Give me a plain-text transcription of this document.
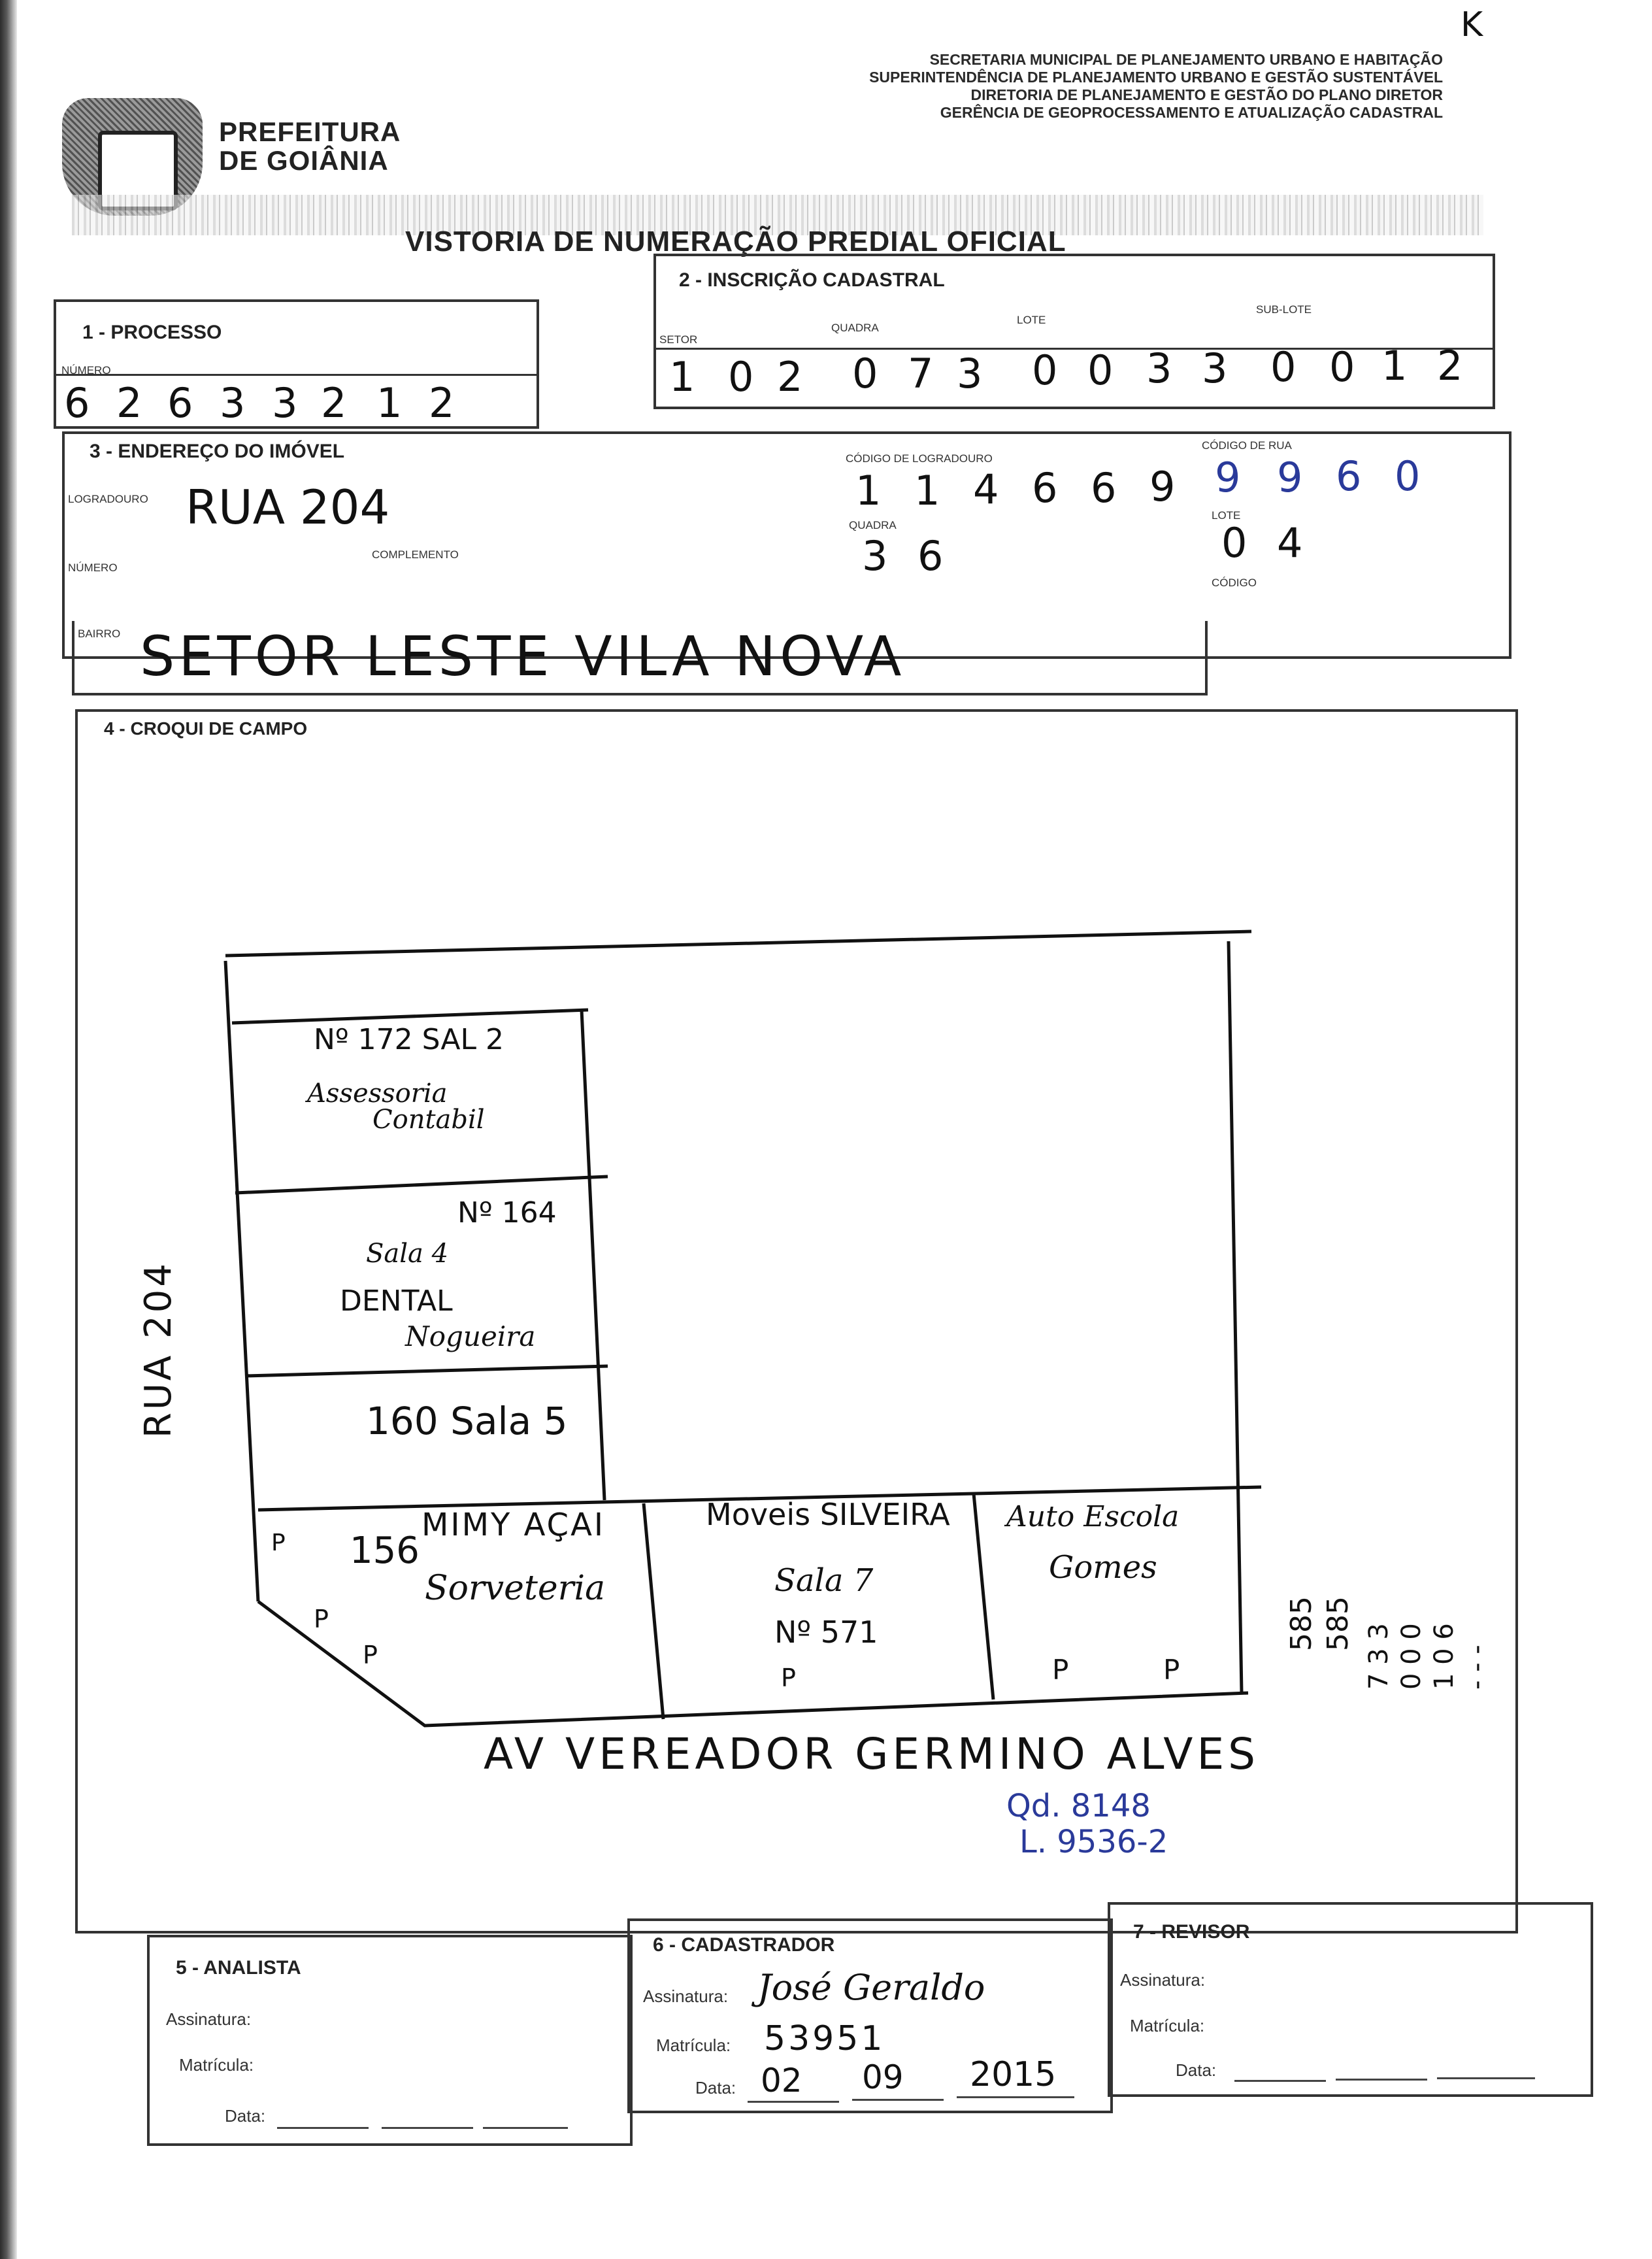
K
PREFEITURA
DE GOIÂNIA
SECRETARIA MUNICIPAL DE PLANEJAMENTO URBANO E HABITAÇÃO
SUPERINTENDÊNCIA DE PLANEJAMENTO URBANO E GESTÃO SUSTENTÁVEL
DIRETORIA DE PLANEJAMENTO E GESTÃO DO PLANO DIRETOR
GERÊNCIA DE GEOPROCESSAMENTO E ATUALIZAÇÃO CADASTRAL
VISTORIA DE NUMERAÇÃO PREDIAL OFICIAL
1 - PROCESSO
NÚMERO
6 2 6 3 3 2 1 2
2 - INSCRIÇÃO CADASTRAL
SETOR
QUADRA
LOTE
SUB-LOTE
1 0 2 0 7 3 0 0 3 3 0 0 1 2
3 - ENDEREÇO DO IMÓVEL
LOGRADOURO RUA 204
CÓDIGO DE LOGRADOURO
1 1 4 6 6 9
CÓDIGO DE RUA
9 9 6 0
NÚMERO
COMPLEMENTO
QUADRA
3 6
LOTE
0 4
CÓDIGO
BAIRRO SETOR LESTE VILA NOVA
4 - CROQUI DE CAMPO
Nº 172 SAL 2
Assessoria
Contabil
Nº 164
Sala 4
DENTAL
Nogueira
160 Sala 5
156
MIMY AÇAI
Sorveteria
Moveis SILVEIRA
Sala 7
Nº 571
Auto Escola
Gomes
RUA 204
AV VEREADOR GERMINO ALVES
Qd. 8148
L. 9536-2
585 585 7 3 3 0 0 0 1 0 6 - - -
P
P
P	P	P
P
5 - ANALISTA
Assinatura:
Matrícula:
Data:
6 - CADASTRADOR
Assinatura: José Geraldo
Matrícula: 53951
Data: 02 09 2015
7 - REVISOR
Assinatura:
Matrícula:
Data:
